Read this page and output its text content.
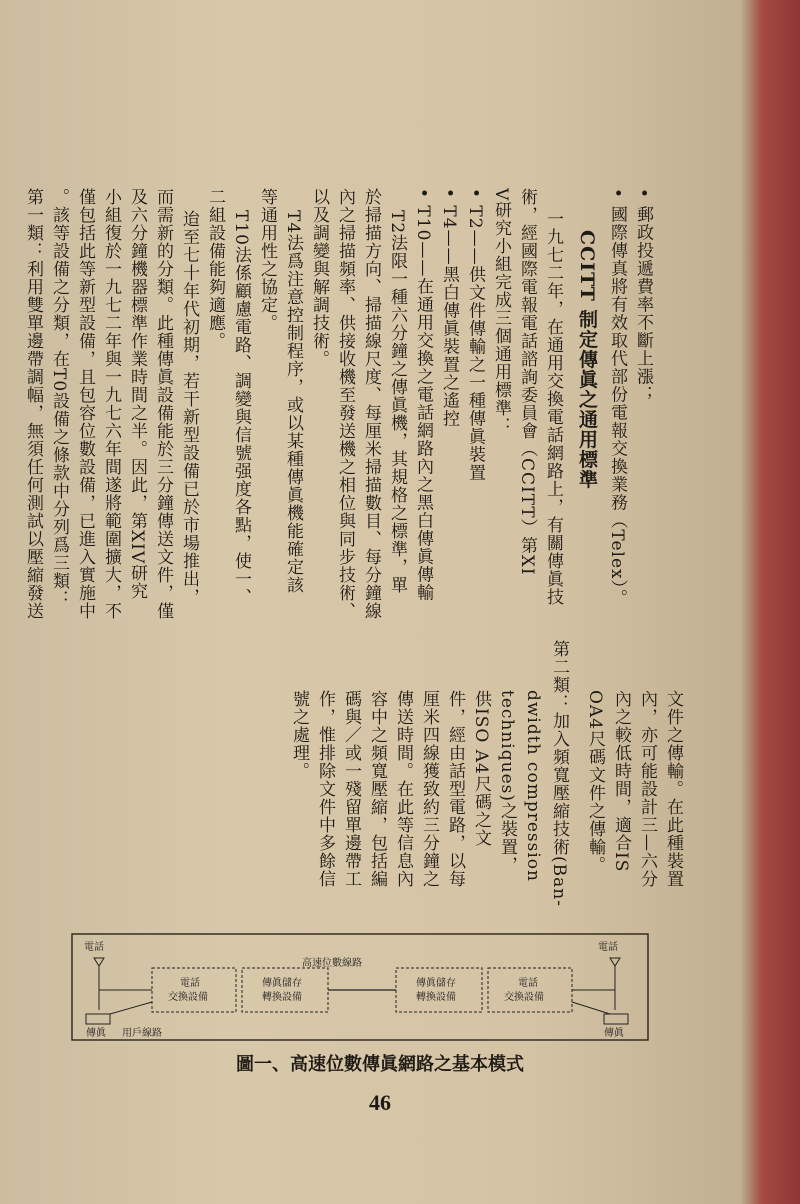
• 郵政投遞費率不斷上漲；
• 國際傳真將有效取代部份電報交換業務（Telex）。
CCITT 制定傳眞之通用標準
一九七二年，在通用交換電話網路上，有關傳眞技
術，經國際電報電話諮詢委員會（CCITT）第XI
V研究小組完成三個通用標準：
• T2——供文件傳輸之一種傳眞裝置
• T4——黑白傳眞裝置之遙控
• T10——在通用交換之電話網路內之黑白傳眞傳輸
T2法限一種六分鐘之傳眞機，其規格之標準，單
於掃描方向、掃描線尺度、每厘米掃描數目、每分鐘線
內之掃描頻率、供接收機至發送機之相位與同步技術、
以及調變與解調技術。
T4法爲注意控制程序，或以某種傳眞機能確定該
等通用性之協定。
T10法係顧慮電路、調變與信號强度各點，使一、
二組設備能夠適應。
迨至七十年代初期，若干新型設備已於市場推出，
而需新的分類。此種傳眞設備能於三分鐘傳送文件，僅
及六分鐘機器標準作業時間之半。因此，第XIV研究
小組復於一九七二年與一九七六年間遂將範圍擴大，不
僅包括此等新型設備，且包容位數設備，已進入實施中
。該等設備之分類，在T0設備之條款中分列爲三類：
第一類：利用雙單邊帶調幅，無須任何測試以壓縮發送
文件之傳輸。在此種裝置
內，亦可能設計三—六分
內之較低時間，適合IS
OA4尺碼文件之傳輸。
第二類：加入頻寬壓縮技術(Ban-
dwidth compression
techniques)之裝置，
供ISO A4尺碼之文
件，經由話型電路，以每
厘米四線獲致約三分鐘之
傳送時間。在此等信息內
容中之頻寬壓縮，包括編
碼與／或一殘留單邊帶工
作，惟排除文件中多餘信
號之處理。
電話	電話
電話
交換設備
傳眞儲存
轉換設備
高速位數線路
傳眞儲存
轉換設備
電話
交換設備
傳眞	傳眞
用戶線路
圖一、高速位數傳眞網路之基本模式
46
